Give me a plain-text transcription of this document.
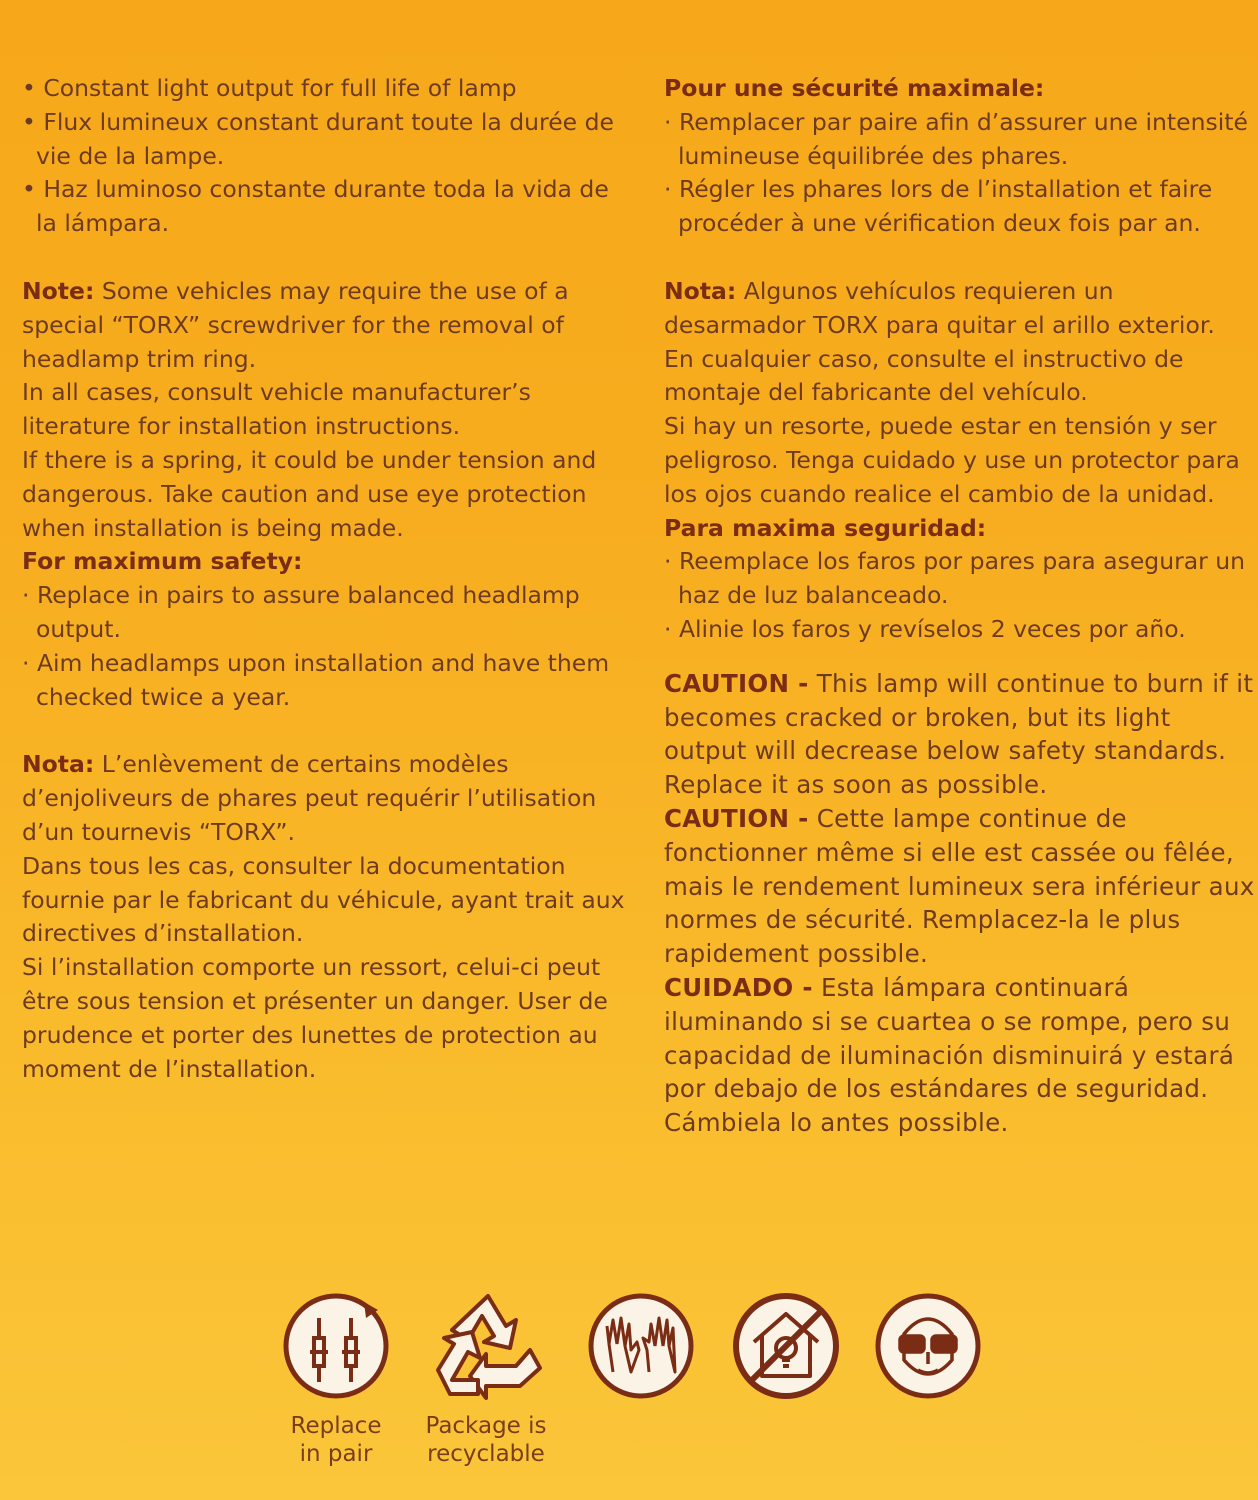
• Constant light output for full life of lamp
• Flux lumineux constant durant toute la durée de vie de la lampe.
• Haz luminoso constante durante toda la vida de la lámpara.
Note: Some vehicles may require the use of a special “TORX” screwdriver for the removal of headlamp trim ring.
In all cases, consult vehicle manufacturer’s literature for installation instructions.
If there is a spring, it could be under tension and dangerous. Take caution and use eye protection when installation is being made.
For maximum safety:
· Replace in pairs to assure balanced headlamp output.
· Aim headlamps upon installation and have them checked twice a year.
Nota: L’enlèvement de certains modèles d’enjoliveurs de phares peut requérir l’utilisation d’un tournevis “TORX”.
Dans tous les cas, consulter la documentation fournie par le fabricant du véhicule, ayant trait aux directives d’installation.
Si l’installation comporte un ressort, celui-ci peut être sous tension et présenter un danger. User de prudence et porter des lunettes de protection au moment de l’installation.
Pour une sécurité maximale:
· Remplacer par paire afin d’assurer une intensité lumineuse équilibrée des phares.
· Régler les phares lors de l’installation et faire procéder à une vérification deux fois par an.
Nota: Algunos vehículos requieren un desarmador TORX para quitar el arillo exterior.
En cualquier caso, consulte el instructivo de montaje del fabricante del vehículo.
Si hay un resorte, puede estar en tensión y ser peligroso. Tenga cuidado y use un protector para los ojos cuando realice el cambio de la unidad.
Para maxima seguridad:
· Reemplace los faros por pares para asegurar un haz de luz balanceado.
· Alinie los faros y revíselos 2 veces por año.
CAUTION - This lamp will continue to burn if it becomes cracked or broken, but its light output will decrease below safety standards. Replace it as soon as possible.
CAUTION - Cette lampe continue de fonctionner même si elle est cassée ou fêlée, mais le rendement lumineux sera inférieur aux normes de sécurité. Remplacez-la le plus rapidement possible.
CUIDADO - Esta lámpara continuará iluminando si se cuartea o se rompe, pero su capacidad de iluminación disminuirá y estará por debajo de los estándares de seguridad. Cámbiela lo antes possible.
Replace
in pair
Package is
recyclable
